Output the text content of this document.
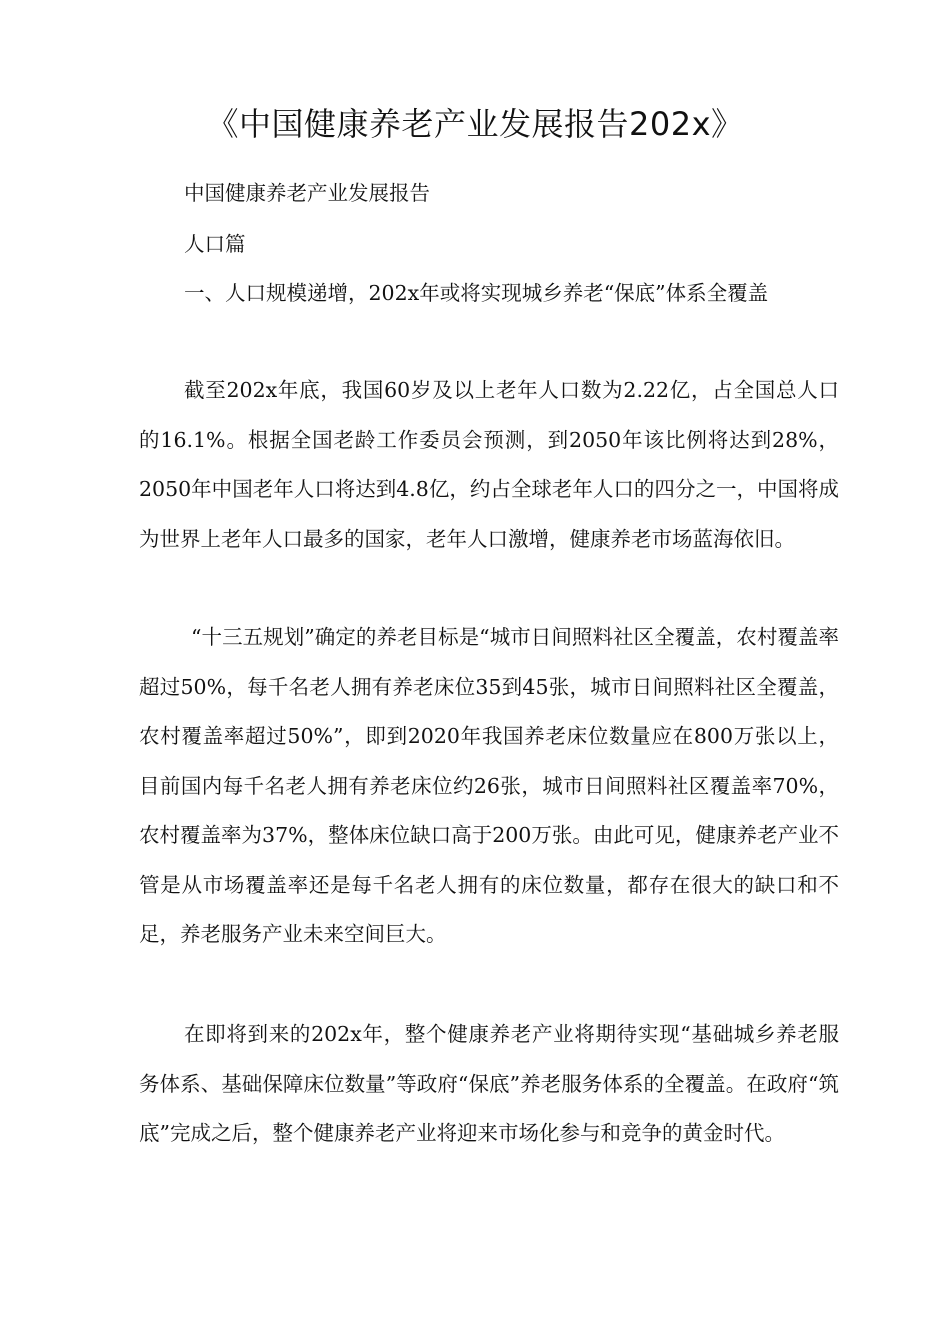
《中国健康养老产业发展报告202x》

中国健康养老产业发展报告

人口篇

一、人口规模递增，202x年或将实现城乡养老“保底”体系全覆盖

截至202x年底，我国60岁及以上老年人口数为2.22亿，占全国总人口的16.1%。根据全国老龄工作委员会预测，到2050年该比例将达到28%，2050年中国老年人口将达到4.8亿，约占全球老年人口的四分之一，中国将成为世界上老年人口最多的国家，老年人口激增，健康养老市场蓝海依旧。

“十三五规划”确定的养老目标是“城市日间照料社区全覆盖，农村覆盖率超过50%，每千名老人拥有养老床位35到45张，城市日间照料社区全覆盖，农村覆盖率超过50%”，即到2020年我国养老床位数量应在800万张以上，目前国内每千名老人拥有养老床位约26张，城市日间照料社区覆盖率70%，农村覆盖率为37%，整体床位缺口高于200万张。由此可见，健康养老产业不管是从市场覆盖率还是每千名老人拥有的床位数量，都存在很大的缺口和不足，养老服务产业未来空间巨大。

在即将到来的202x年，整个健康养老产业将期待实现“基础城乡养老服务体系、基础保障床位数量”等政府“保底”养老服务体系的全覆盖。在政府“筑底”完成之后，整个健康养老产业将迎来市场化参与和竞争的黄金时代。
